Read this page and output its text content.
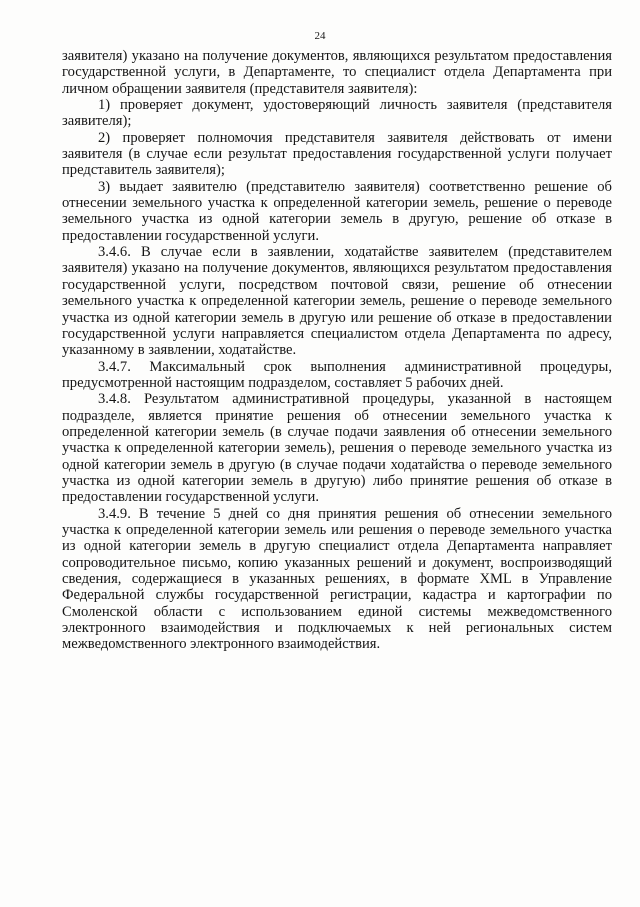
24

заявителя) указано на получение документов, являющихся результатом предоставления государственной услуги, в Департаменте, то специалист отдела Департамента при личном обращении заявителя (представителя заявителя):

1) проверяет документ, удостоверяющий личность заявителя (представителя заявителя);

2) проверяет полномочия представителя заявителя действовать от имени заявителя (в случае если результат предоставления государственной услуги получает представитель заявителя);

3) выдает заявителю (представителю заявителя) соответственно решение об отнесении земельного участка к определенной категории земель, решение о переводе земельного участка из одной категории земель в другую, решение об отказе в предоставлении государственной услуги.

3.4.6. В случае если в заявлении, ходатайстве заявителем (представителем заявителя) указано на получение документов, являющихся результатом предоставления государственной услуги, посредством почтовой связи, решение об отнесении земельного участка к определенной категории земель, решение о переводе земельного участка из одной категории земель в другую или решение об отказе в предоставлении государственной услуги направляется специалистом отдела Департамента по адресу, указанному в заявлении, ходатайстве.

3.4.7. Максимальный срок выполнения административной процедуры, предусмотренной настоящим подразделом, составляет 5 рабочих дней.

3.4.8. Результатом административной процедуры, указанной в настоящем подразделе, является принятие решения об отнесении земельного участка к определенной категории земель (в случае подачи заявления об отнесении земельного участка к определенной категории земель), решения о переводе земельного участка из одной категории земель в другую (в случае подачи ходатайства о переводе земельного участка из одной категории земель в другую) либо принятие решения об отказе в предоставлении государственной услуги.

3.4.9. В течение 5 дней со дня принятия решения об отнесении земельного участка к определенной категории земель или решения о переводе земельного участка из одной категории земель в другую специалист отдела Департамента направляет сопроводительное письмо, копию указанных решений и документ, воспроизводящий сведения, содержащиеся в указанных решениях, в формате XML в Управление Федеральной службы государственной регистрации, кадастра и картографии по Смоленской области с использованием единой системы межведомственного электронного взаимодействия и подключаемых к ней региональных систем межведомственного электронного взаимодействия.
